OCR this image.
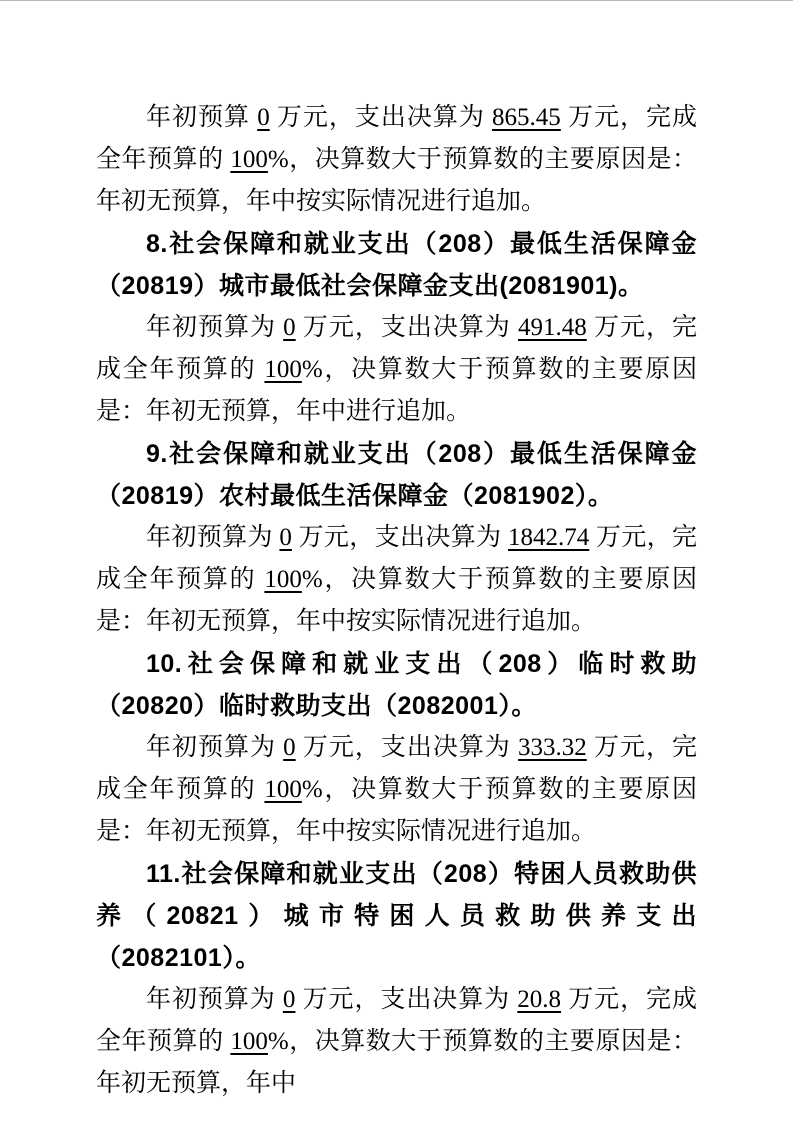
年初预算 0 万元，支出决算为 865.45 万元，完成全年预算的 100%，决算数大于预算数的主要原因是：年初无预算，年中按实际情况进行追加。

8.社会保障和就业支出（208）最低生活保障金（20819）城市最低社会保障金支出(2081901)。

年初预算为 0 万元，支出决算为 491.48 万元，完成全年预算的 100%，决算数大于预算数的主要原因是：年初无预算，年中进行追加。

9.社会保障和就业支出（208）最低生活保障金（20819）农村最低生活保障金（2081902）。

年初预算为 0 万元，支出决算为 1842.74 万元，完成全年预算的 100%，决算数大于预算数的主要原因是：年初无预算，年中按实际情况进行追加。

10.社会保障和就业支出（208）临时救助（20820）临时救助支出（2082001）。

年初预算为 0 万元，支出决算为 333.32 万元，完成全年预算的 100%，决算数大于预算数的主要原因是：年初无预算，年中按实际情况进行追加。

11.社会保障和就业支出（208）特困人员救助供养（20821）城市特困人员救助供养支出（2082101）。

年初预算为 0 万元，支出决算为 20.8 万元，完成全年预算的 100%，决算数大于预算数的主要原因是：年初无预算，年中
